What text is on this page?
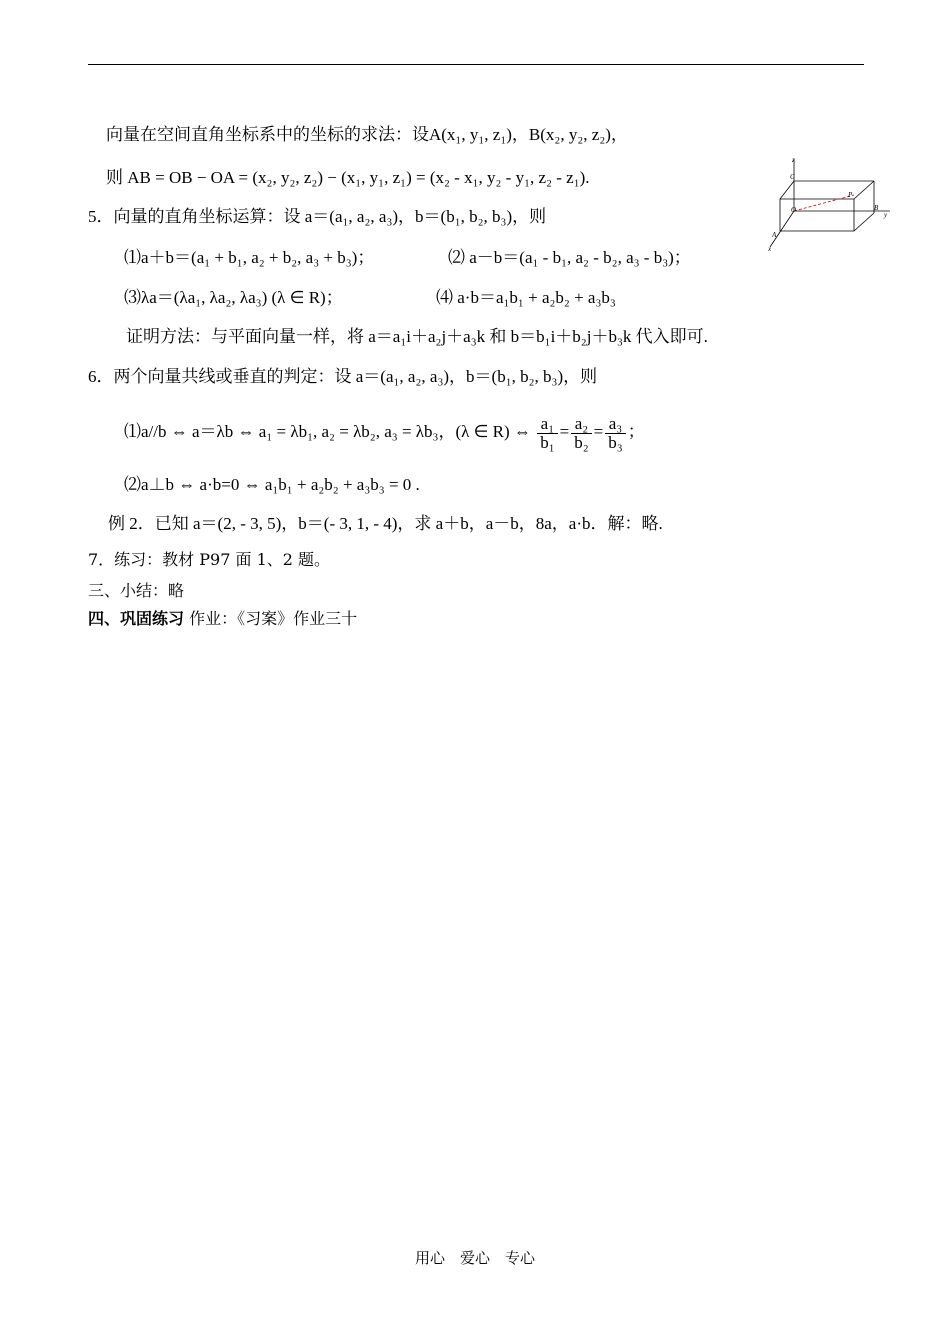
向量在空间直角坐标系中的坐标的求法：设A(x₁, y₁, z₁)，B(x₂, y₂, z₂)，
则 AB = OB − OA = (x₂, y₂, z₂) − (x₁, y₁, z₁) = (x₂ - x₁, y₂ - y₁, z₂ - z₁).
5．向量的直角坐标运算：设 a＝(a₁, a₂, a₃)，b＝(b₁, b₂, b₃)，则
⑴a＋b＝(a₁ + b₁, a₂ + b₂, a₃ + b₃)；	⑵ a－b＝(a₁ - b₁, a₂ - b₂, a₃ - b₃)；
⑶λa＝(λa₁, λa₂, λa₃) (λ ∈ R)；	⑷ a·b＝a₁b₁ + a₂b₂ + a₃b₃
证明方法：与平面向量一样，将 a＝a₁i＋a₂j＋a₃k 和 b＝b₁i＋b₂j＋b₃k 代入即可.
6．两个向量共线或垂直的判定：设 a＝(a₁, a₂, a₃)，b＝(b₁, b₂, b₃)，则
⑴a//b ⇔ a＝λb ⇔ a₁ = λb₁, a₂ = λb₂, a₃ = λb₃，(λ ∈ R) ⇔ $\frac{\text{a₁}}{\text{b₁}} = \frac{\text{a₂}}{\text{b₂}} = \frac{\text{a₃}}{\text{b₃}}$ ；
⑵a⊥b ⇔ a·b=0 ⇔ a₁b₁ + a₂b₂ + a₃b₃ = 0 .
例 2．已知 a＝(2, - 3, 5)，b＝(- 3, 1, - 4)，求 a＋b，a－b，8a，a·b．解：略.
7．练习：教材 P97 面 1、2 题。
三、小结：略
四、巩固练习 作业：《习案》作业三十
z
C
O
P
B
y
A
x
用心　爱心　专心
